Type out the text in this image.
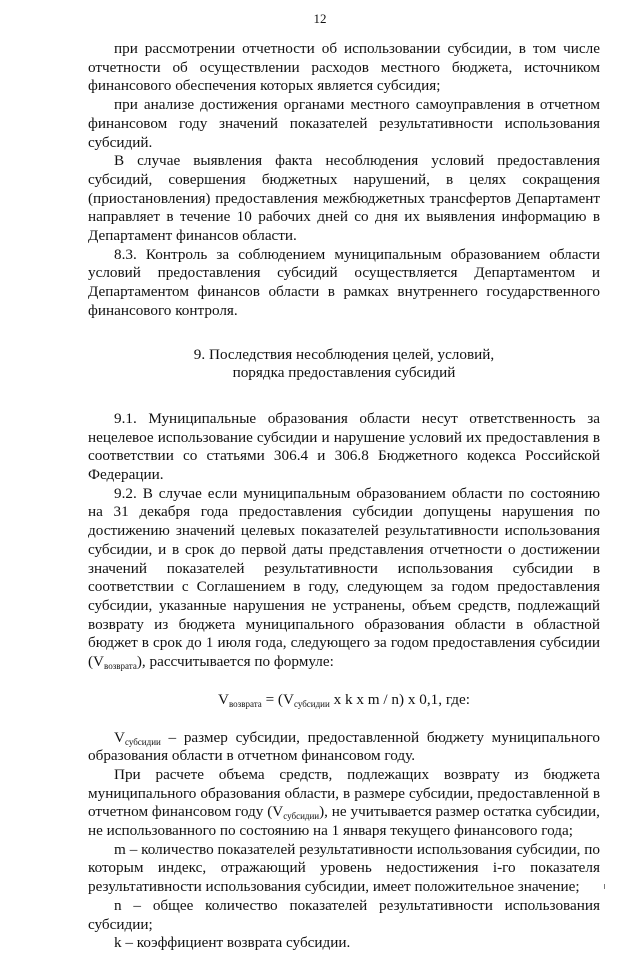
12

при рассмотрении отчетности об использовании субсидии, в том числе отчетности об осуществлении расходов местного бюджета, источником финансового обеспечения которых является субсидия;

при анализе достижения органами местного самоуправления в отчетном финансовом году значений показателей результативности использования субсидий.

В случае выявления факта несоблюдения условий предоставления субсидий, совершения бюджетных нарушений, в целях сокращения (приостановления) предоставления межбюджетных трансфертов Департамент направляет в течение 10 рабочих дней со дня их выявления информацию в Департамент финансов области.

8.3. Контроль за соблюдением муниципальным образованием области условий предоставления субсидий осуществляется Департаментом и Департаментом финансов области в рамках внутреннего государственного финансового контроля.

9. Последствия несоблюдения целей, условий,
порядка предоставления субсидий

9.1. Муниципальные образования области несут ответственность за нецелевое использование субсидии и нарушение условий их предоставления в соответствии со статьями 306.4 и 306.8 Бюджетного кодекса Российской Федерации.

9.2. В случае если муниципальным образованием области по состоянию на 31 декабря года предоставления субсидии допущены нарушения по достижению значений целевых показателей результативности использования субсидии, и в срок до первой даты представления отчетности о достижении значений показателей результативности использования субсидии в соответствии с Соглашением в году, следующем за годом предоставления субсидии, указанные нарушения не устранены, объем средств, подлежащий возврату из бюджета муниципального образования области в областной бюджет в срок до 1 июля года, следующего за годом предоставления субсидии $(V_{возврата})$, рассчитывается по формуле:

$V_{возврата} = (V_{субсидии}$ x k x m / n) x 0,1, где:

$V_{субсидии}$ – размер субсидии, предоставленной бюджету муниципального образования области в отчетном финансовом году.

При расчете объема средств, подлежащих возврату из бюджета муниципального образования области, в размере субсидии, предоставленной в отчетном финансовом году $(V_{субсидии})$, не учитывается размер остатка субсидии, не использованного по состоянию на 1 января текущего финансового года;

m – количество показателей результативности использования субсидии, по которым индекс, отражающий уровень недостижения i-го показателя результативности использования субсидии, имеет положительное значение;

n – общее количество показателей результативности использования субсидии;

k – коэффициент возврата субсидии.
